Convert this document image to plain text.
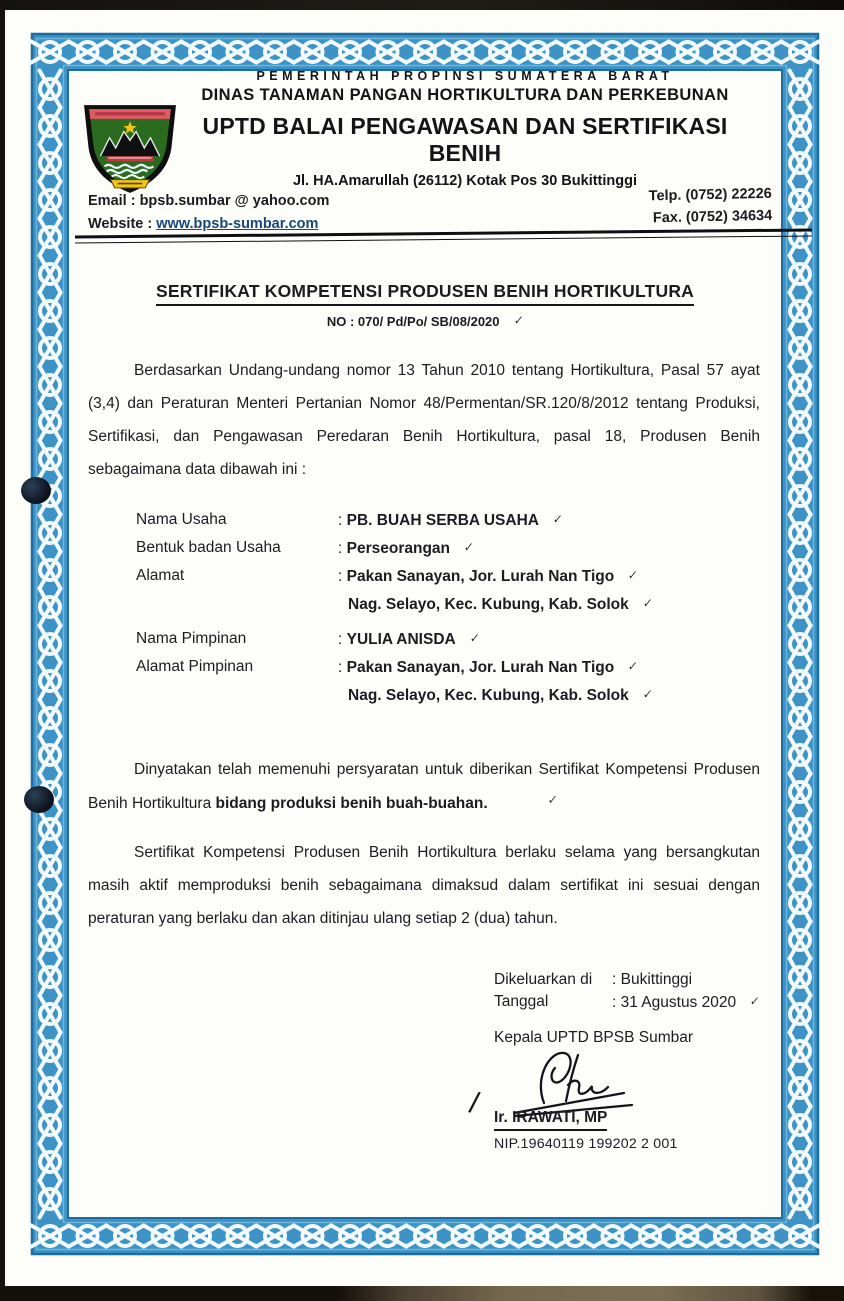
PEMERINTAH PROPINSI SUMATERA BARAT
DINAS TANAMAN PANGAN HORTIKULTURA DAN PERKEBUNAN
UPTD BALAI PENGAWASAN DAN SERTIFIKASI BENIH
Jl. HA.Amarullah (26112) Kotak Pos 30 Bukittinggi
Email : bpsb.sumbar @ yahoo.com
Website : www.bpsb-sumbar.com
Telp. (0752) 22226
Fax. (0752) 34634
SERTIFIKAT KOMPETENSI PRODUSEN BENIH HORTIKULTURA
NO : 070/ Pd/Po/ SB/08/2020 ✓

Berdasarkan Undang-undang nomor 13 Tahun 2010 tentang Hortikultura, Pasal 57 ayat (3,4) dan Peraturan Menteri Pertanian Nomor 48/Permentan/SR.120/8/2012 tentang Produksi, Sertifikasi, dan Pengawasan Peredaran Benih Hortikultura, pasal 18, Produsen Benih sebagaimana data dibawah ini :

Nama Usaha	: PB. BUAH SERBA USAHA ✓
Bentuk badan Usaha	: Perseorangan ✓
Alamat	: Pakan Sanayan, Jor. Lurah Nan Tigo ✓
Nag. Selayo, Kec. Kubung, Kab. Solok ✓
Nama Pimpinan	: YULIA ANISDA ✓
Alamat Pimpinan	: Pakan Sanayan, Jor. Lurah Nan Tigo ✓
Nag. Selayo, Kec. Kubung, Kab. Solok ✓

Dinyatakan telah memenuhi persyaratan untuk diberikan Sertifikat Kompetensi Produsen Benih Hortikultura bidang produksi benih buah-buahan.	✓

Sertifikat Kompetensi Produsen Benih Hortikultura berlaku selama yang bersangkutan masih aktif memproduksi benih sebagaimana dimaksud dalam sertifikat ini sesuai dengan peraturan yang berlaku dan akan ditinjau ulang setiap 2 (dua) tahun.

Dikeluarkan di	: Bukittinggi
Tanggal	: 31 Agustus 2020 ✓
Kepala UPTD BPSB Sumbar
/ Ir. IRAWATI, MP
NIP.19640119 199202 2 001
